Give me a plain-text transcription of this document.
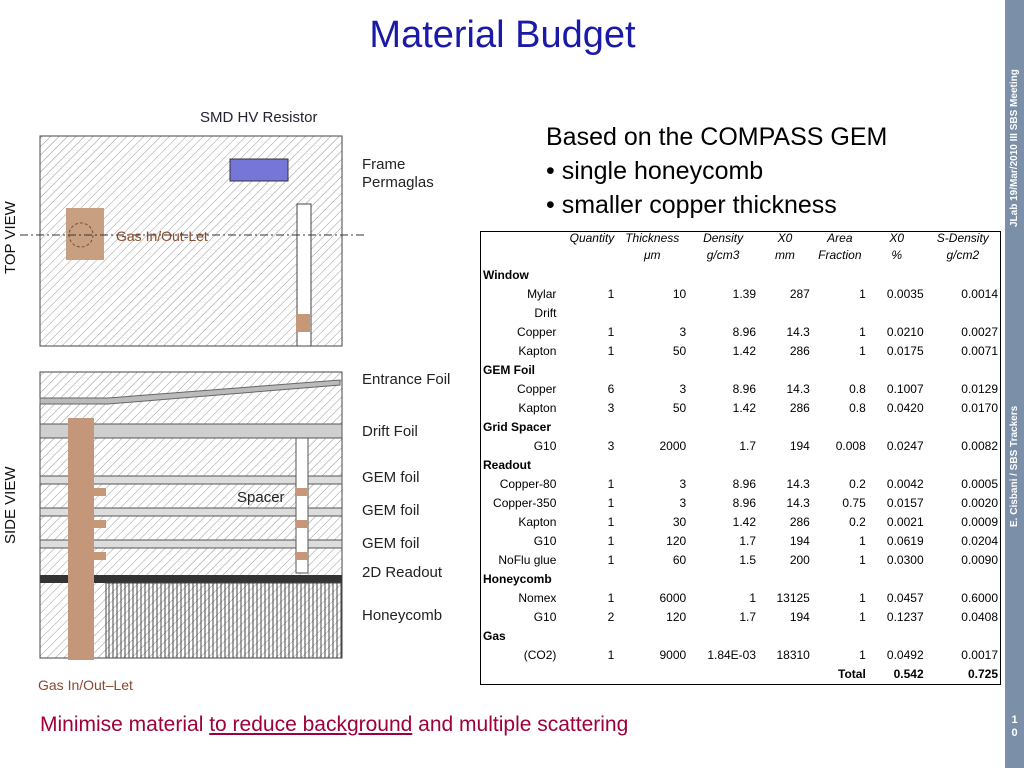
Material Budget
JLab 19/Mar/2010 III SBS Meeting
E. Cisbani / SBS Trackers
1
0
Based on the COMPASS GEM
• single honeycomb
• smaller copper thickness
TOP VIEW
SIDE VIEW
SMD HV Resistor
Frame
Permaglas
Gas In/Out-Let
Entrance Foil
Drift Foil
GEM foil
Spacer
GEM foil
GEM foil
2D Readout
Honeycomb
Gas In/Out–Let
	Quantity	Thickness	Density	X0	Area	X0	S-Density
		μm	g/cm3	mm	Fraction	%	g/cm2
Window							
Mylar	1	10	1.39	287	1	0.0035	0.0014
Drift							
Copper	1	3	8.96	14.3	1	0.0210	0.0027
Kapton	1	50	1.42	286	1	0.0175	0.0071
GEM Foil							
Copper	6	3	8.96	14.3	0.8	0.1007	0.0129
Kapton	3	50	1.42	286	0.8	0.0420	0.0170
Grid Spacer							
G10	3	2000	1.7	194	0.008	0.0247	0.0082
Readout							
Copper-80	1	3	8.96	14.3	0.2	0.0042	0.0005
Copper-350	1	3	8.96	14.3	0.75	0.0157	0.0020
Kapton	1	30	1.42	286	0.2	0.0021	0.0009
G10	1	120	1.7	194	1	0.0619	0.0204
NoFlu glue	1	60	1.5	200	1	0.0300	0.0090
Honeycomb							
Nomex	1	6000	1	13125	1	0.0457	0.6000
G10	2	120	1.7	194	1	0.1237	0.0408
Gas							
(CO2)	1	9000	1.84E-03	18310	1	0.0492	0.0017
					Total	0.542	0.725
Minimise material to reduce background and multiple scattering
